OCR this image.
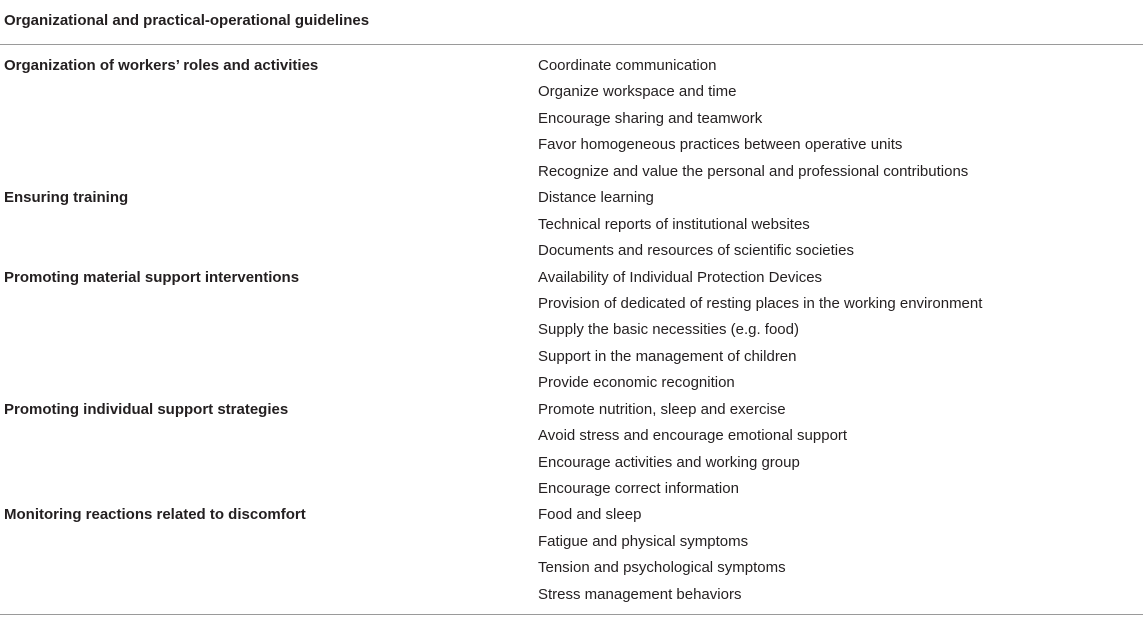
Organizational and practical-operational guidelines
Organization of workers’ roles and activities	Coordinate communication
Organize workspace and time
Encourage sharing and teamwork
Favor homogeneous practices between operative units
Recognize and value the personal and professional contributions
Ensuring training	Distance learning
Technical reports of institutional websites
Documents and resources of scientific societies
Promoting material support interventions	Availability of Individual Protection Devices
Provision of dedicated of resting places in the working environment
Supply the basic necessities (e.g. food)
Support in the management of children
Provide economic recognition
Promoting individual support strategies	Promote nutrition, sleep and exercise
Avoid stress and encourage emotional support
Encourage activities and working group
Encourage correct information
Monitoring reactions related to discomfort	Food and sleep
Fatigue and physical symptoms
Tension and psychological symptoms
Stress management behaviors
